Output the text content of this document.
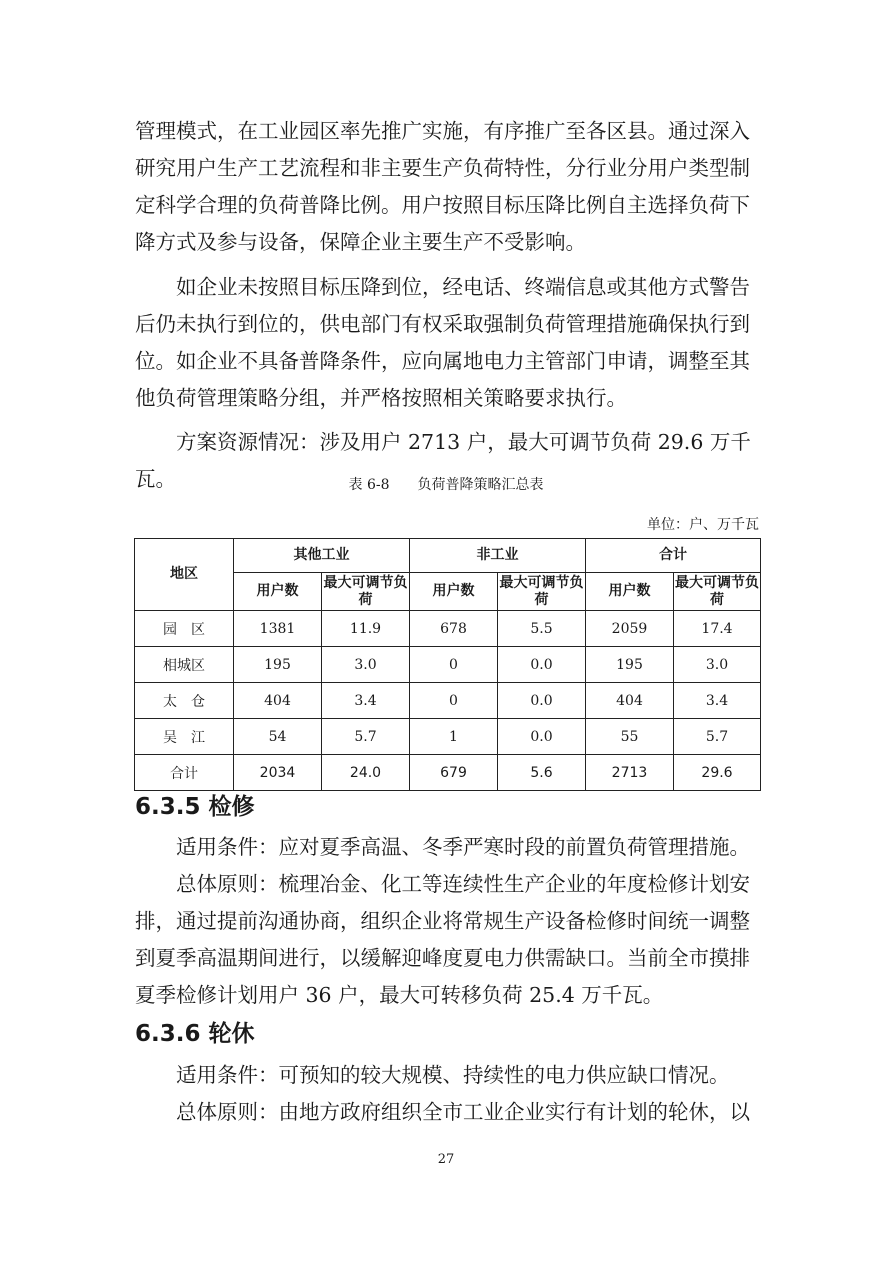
管理模式，在工业园区率先推广实施，有序推广至各区县。通过深入研究用户生产工艺流程和非主要生产负荷特性，分行业分用户类型制定科学合理的负荷普降比例。用户按照目标压降比例自主选择负荷下降方式及参与设备，保障企业主要生产不受影响。

如企业未按照目标压降到位，经电话、终端信息或其他方式警告后仍未执行到位的，供电部门有权采取强制负荷管理措施确保执行到位。如企业不具备普降条件，应向属地电力主管部门申请，调整至其他负荷管理策略分组，并严格按照相关策略要求执行。

方案资源情况：涉及用户 2713 户，最大可调节负荷 29.6 万千瓦。	表 6-8　　负荷普降策略汇总表
单位：户、万千瓦
地区	其他工业		非工业		合计	
	用户数	最大可调节负荷	用户数	最大可调节负荷	用户数	最大可调节负荷
园　区	1381	11.9	678	5.5	2059	17.4
相城区	195	3.0	0	0.0	195	3.0
太　仓	404	3.4	0	0.0	404	3.4
吴　江	54	5.7	1	0.0	55	5.7
合计	2034	24.0	679	5.6	2713	29.6
6.3.5 检修

适用条件：应对夏季高温、冬季严寒时段的前置负荷管理措施。

总体原则：梳理冶金、化工等连续性生产企业的年度检修计划安排，通过提前沟通协商，组织企业将常规生产设备检修时间统一调整到夏季高温期间进行，以缓解迎峰度夏电力供需缺口。当前全市摸排夏季检修计划用户 36 户，最大可转移负荷 25.4 万千瓦。

6.3.6 轮休

适用条件：可预知的较大规模、持续性的电力供应缺口情况。

总体原则：由地方政府组织全市工业企业实行有计划的轮休，以

27
